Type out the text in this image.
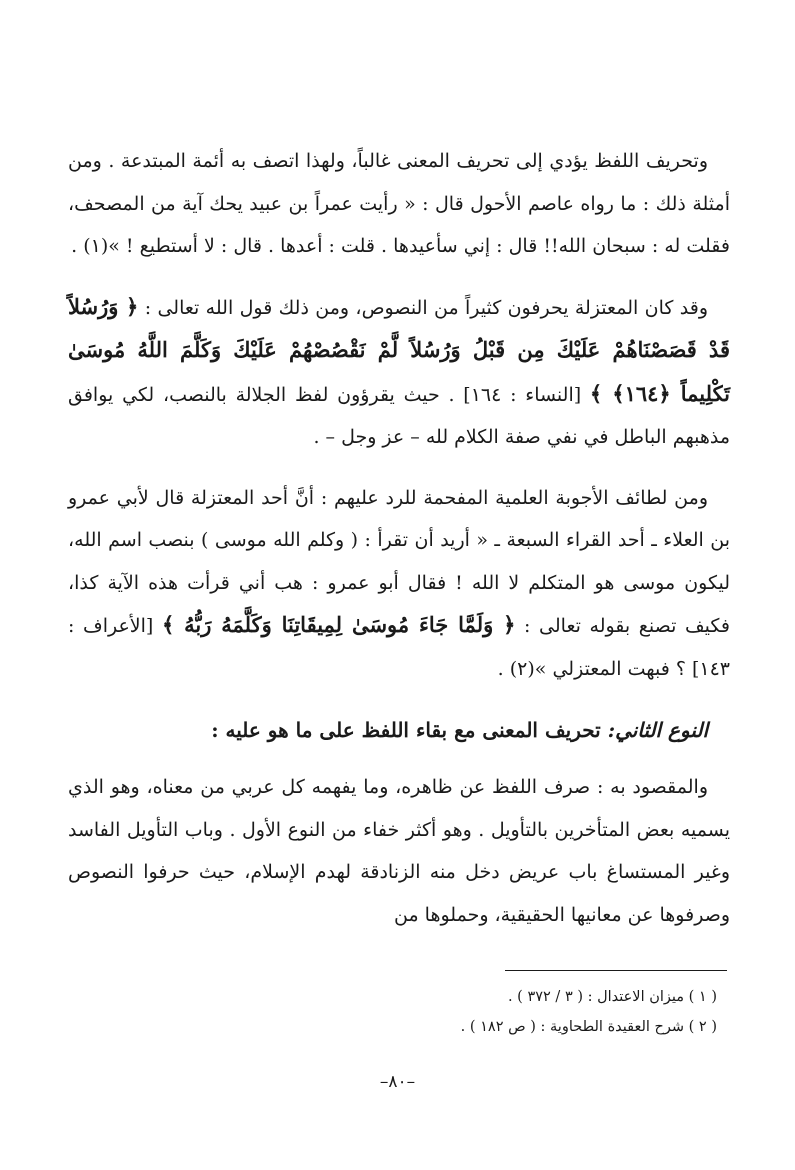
وتحريف اللفظ يؤدي إلى تحريف المعنى غالباً، ولهذا اتصف به أئمة المبتدعة . ومن أمثلة ذلك : ما رواه عاصم الأحول قال : « رأيت عمراً بن عبيد يحك آية من المصحف، فقلت له : سبحان الله!! قال : إني سأعيدها . قلت : أعدها . قال : لا أستطيع ! »(١) .

وقد كان المعتزلة يحرفون كثيراً من النصوص، ومن ذلك قول الله تعالى : ﴿ وَرُسُلاً قَدْ قَصَصْنَاهُمْ عَلَيْكَ مِن قَبْلُ وَرُسُلاً لَّمْ نَقْصُصْهُمْ عَلَيْكَ وَكَلَّمَ اللَّهُ مُوسَىٰ تَكْلِيماً ﴿١٦٤﴾ ﴾ [النساء : ١٦٤] . حيث يقرؤون لفظ الجلالة بالنصب، لكي يوافق مذهبهم الباطل في نفي صفة الكلام لله – عز وجل – .

ومن لطائف الأجوبة العلمية المفحمة للرد عليهم : أنَّ أحد المعتزلة قال لأبي عمرو بن العلاء ـ أحد القراء السبعة ـ « أريد أن تقرأ : ( وكلم الله موسى ) بنصب اسم الله، ليكون موسى هو المتكلم لا الله ! فقال أبو عمرو : هب أني قرأت هذه الآية كذا، فكيف تصنع بقوله تعالى : ﴿ وَلَمَّا جَاءَ مُوسَىٰ لِمِيقَاتِنَا وَكَلَّمَهُ رَبُّهُ ﴾ [الأعراف : ١٤٣] ؟ فبهت المعتزلي »(٢) .

النوع الثاني: تحريف المعنى مع بقاء اللفظ على ما هو عليه :

والمقصود به : صرف اللفظ عن ظاهره، وما يفهمه كل عربي من معناه، وهو الذي يسميه بعض المتأخرين بالتأويل . وهو أكثر خفاء من النوع الأول . وباب التأويل الفاسد وغير المستساغ باب عريض دخل منه الزنادقة لهدم الإسلام، حيث حرفوا النصوص وصرفوها عن معانيها الحقيقية، وحملوها من

( ١ ) ميزان الاعتدال : ( ٣ / ٣٧٢ ) .

( ٢ ) شرح العقيدة الطحاوية : ( ص ١٨٢ ) .

–٨٠–
